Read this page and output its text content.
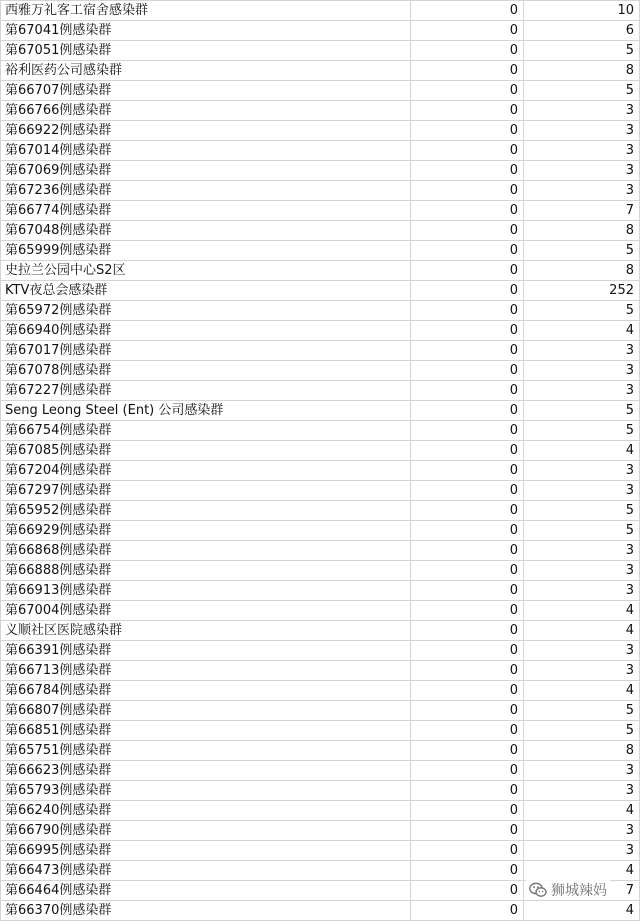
西雅万礼客工宿舍感染群	0	10
第67041例感染群	0	6
第67051例感染群	0	5
裕利医药公司感染群	0	8
第66707例感染群	0	5
第66766例感染群	0	3
第66922例感染群	0	3
第67014例感染群	0	3
第67069例感染群	0	3
第67236例感染群	0	3
第66774例感染群	0	7
第67048例感染群	0	8
第65999例感染群	0	5
史拉兰公园中心S2区	0	8
KTV夜总会感染群	0	252
第65972例感染群	0	5
第66940例感染群	0	4
第67017例感染群	0	3
第67078例感染群	0	3
第67227例感染群	0	3
Seng Leong Steel (Ent) 公司感染群	0	5
第66754例感染群	0	5
第67085例感染群	0	4
第67204例感染群	0	3
第67297例感染群	0	3
第65952例感染群	0	5
第66929例感染群	0	5
第66868例感染群	0	3
第66888例感染群	0	3
第66913例感染群	0	3
第67004例感染群	0	4
义顺社区医院感染群	0	4
第66391例感染群	0	3
第66713例感染群	0	3
第66784例感染群	0	4
第66807例感染群	0	5
第66851例感染群	0	5
第65751例感染群	0	8
第66623例感染群	0	3
第65793例感染群	0	3
第66240例感染群	0	4
第66790例感染群	0	3
第66995例感染群	0	3
第66473例感染群	0	4
第66464例感染群	0	7
第66370例感染群	0	4
狮城辣妈
